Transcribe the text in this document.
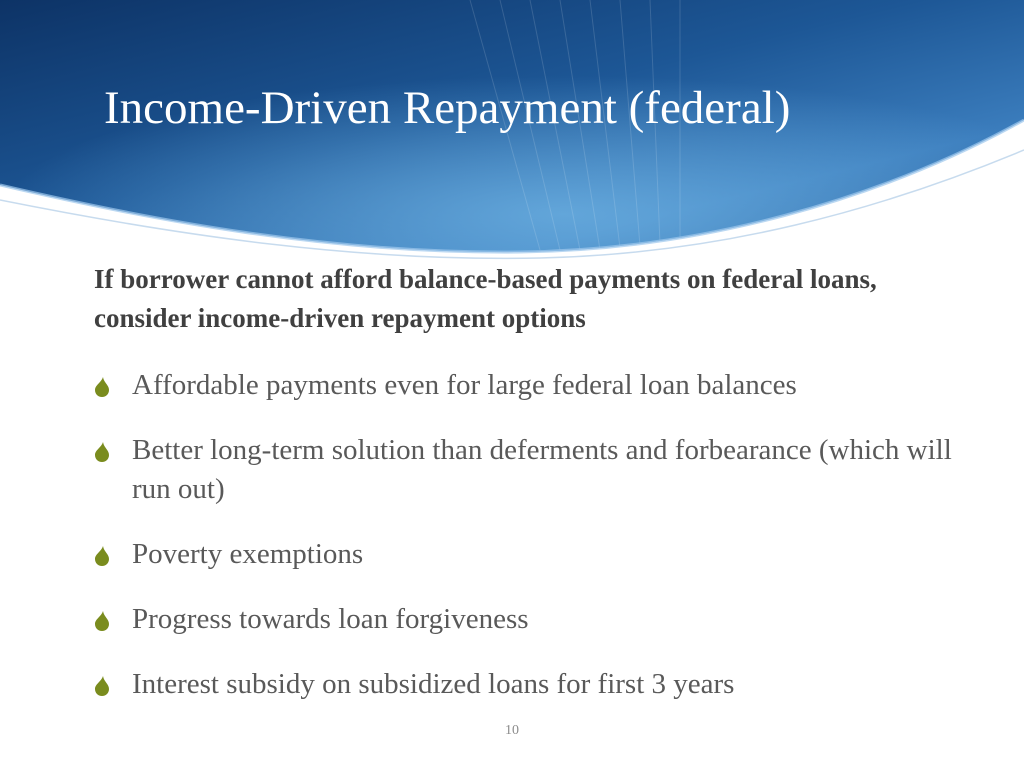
Income-Driven Repayment (federal)

If borrower cannot afford balance-based payments on federal loans, consider income-driven repayment options

Affordable payments even for large federal loan balances
Better long-term solution than deferments and forbearance (which will run out)
Poverty exemptions
Progress towards loan forgiveness
Interest subsidy on subsidized loans for first 3 years
10
